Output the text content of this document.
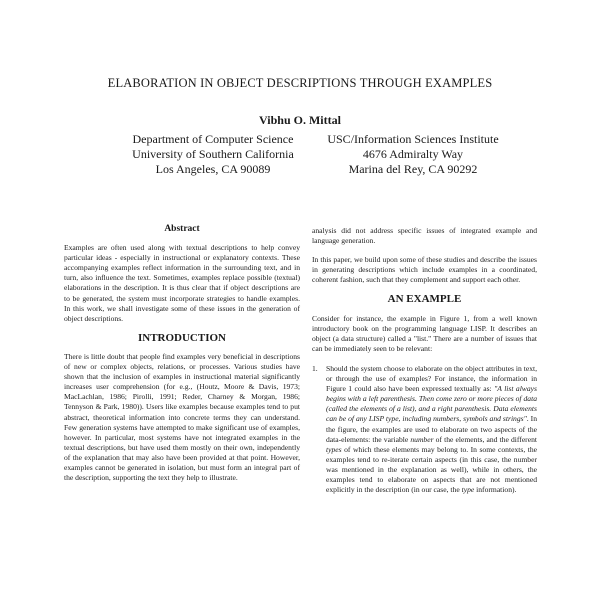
ELABORATION IN OBJECT DESCRIPTIONS THROUGH EXAMPLES
Vibhu O. Mittal
Department of Computer Science
University of Southern California
Los Angeles, CA 90089
USC/Information Sciences Institute
4676 Admiralty Way
Marina del Rey, CA 90292

Abstract

Examples are often used along with textual descriptions to help convey particular ideas - especially in instructional or explanatory contexts. These accompanying examples reflect information in the surrounding text, and in turn, also influence the text. Sometimes, examples replace possible (textual) elaborations in the description. It is thus clear that if object descriptions are to be generated, the system must incorporate strategies to handle examples. In this work, we shall investigate some of these issues in the generation of object descriptions.

INTRODUCTION

There is little doubt that people find examples very beneficial in descriptions of new or complex objects, relations, or processes. Various studies have shown that the inclusion of examples in instructional material significantly increases user comprehension (for e.g., (Houtz, Moore & Davis, 1973; MacLachlan, 1986; Pirolli, 1991; Reder, Charney & Morgan, 1986; Tennyson & Park, 1980)). Users like examples because examples tend to put abstract, theoretical information into concrete terms they can understand. Few generation systems have attempted to make significant use of examples, however. In particular, most systems have not integrated examples in the textual descriptions, but have used them mostly on their own, independently of the explanation that may also have been provided at that point. However, examples cannot be generated in isolation, but must form an integral part of the description, supporting the text they help to illustrate.

analysis did not address specific issues of integrated example and language generation.

In this paper, we build upon some of these studies and describe the issues in generating descriptions which include examples in a coordinated, coherent fashion, such that they complement and support each other.

AN EXAMPLE

Consider for instance, the example in Figure 1, from a well known introductory book on the programming language LISP. It describes an object (a data structure) called a "list." There are a number of issues that can be immediately seen to be relevant:

1. Should the system choose to elaborate on the object attributes in text, or through the use of examples? For instance, the information in Figure 1 could also have been expressed textually as: "A list always begins with a left parenthesis. Then come zero or more pieces of data (called the elements of a list), and a right parenthesis. Data elements can be of any LISP type, including numbers, symbols and strings". In the figure, the examples are used to elaborate on two aspects of the data-elements: the variable number of the elements, and the different types of which these elements may belong to. In some contexts, the examples tend to re-iterate certain aspects (in this case, the number was mentioned in the explanation as well), while in others, the examples tend to elaborate on aspects that are not mentioned explicitly in the description (in our case, the type information).
